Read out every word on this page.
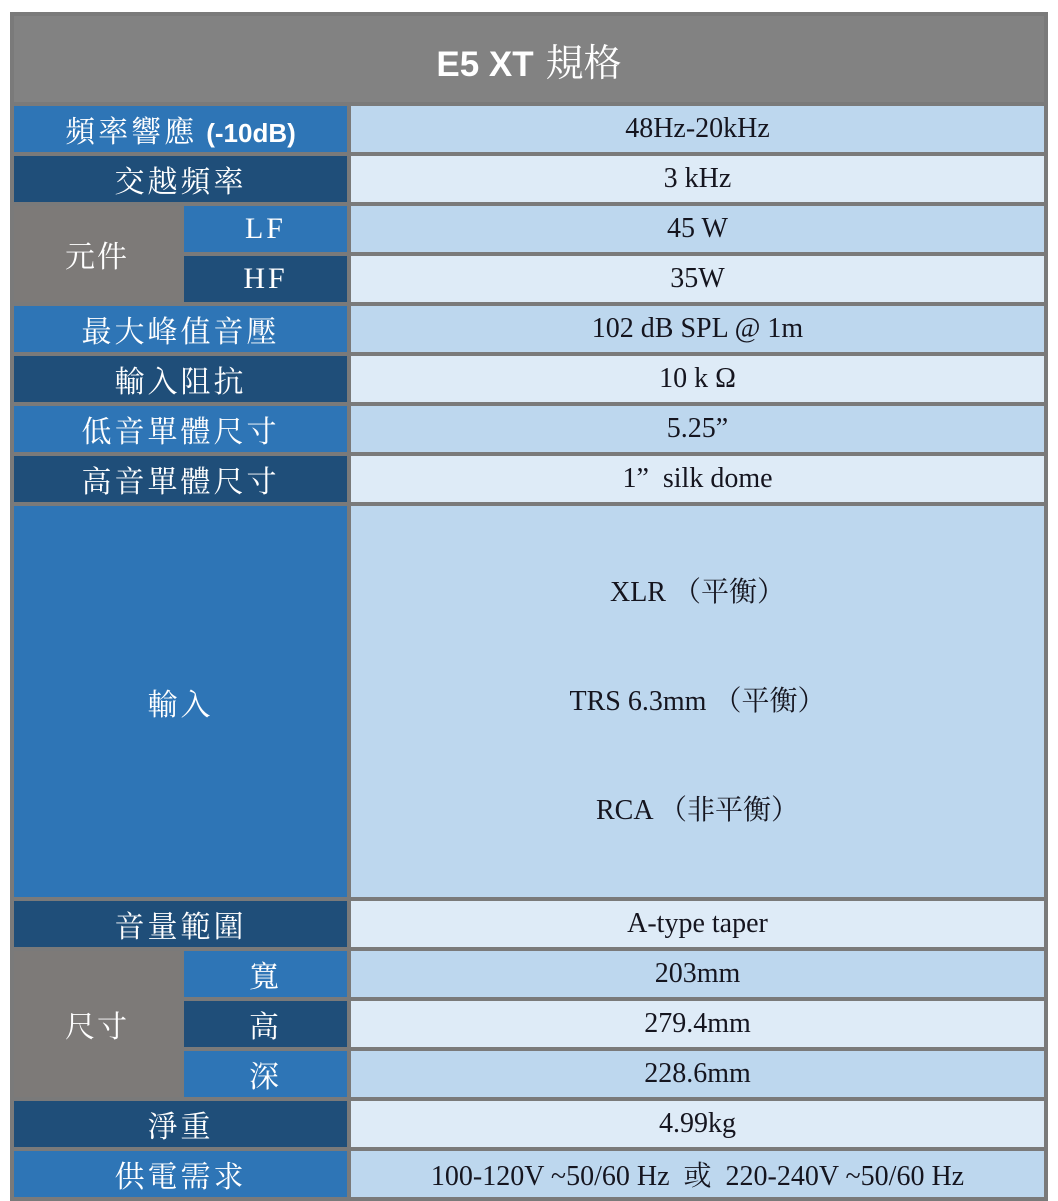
E5 XT 規格		
頻率響應 (-10dB)		48Hz-20kHz
交越頻率		3 kHz
元件	LF	45 W
	HF	35W
最大峰值音壓		102 dB SPL @ 1m
輸入阻抗		10 k Ω
低音單體尺寸		5.25”
高音單體尺寸		1”  silk dome
輸入		XLR （平衡）

TRS 6.3mm （平衡）

RCA （非平衡）

音量範圍		A-type taper
尺寸	寬	203mm
	高	279.4mm
	深	228.6mm
淨重		4.99kg
供電需求		100-120V ~50/60 Hz  或  220-240V ~50/60 Hz
